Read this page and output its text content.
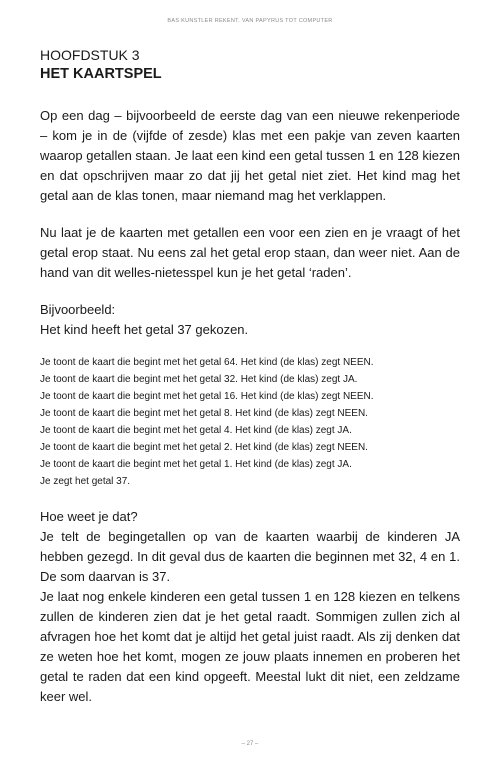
BAS KUNSTLER REKENT. VAN PAPYRUS TOT COMPUTER

HOOFDSTUK 3

HET KAARTSPEL

Op een dag – bijvoorbeeld de eerste dag van een nieuwe rekenperiode – kom je in de (vijfde of zesde) klas met een pakje van zeven kaarten waarop getallen staan. Je laat een kind een getal tussen 1 en 128 kiezen en dat opschrijven maar zo dat jij het getal niet ziet. Het kind mag het getal aan de klas tonen, maar niemand mag het verklappen.

Nu laat je de kaarten met getallen een voor een zien en je vraagt of het getal erop staat. Nu eens zal het getal erop staan, dan weer niet. Aan de hand van dit welles-nietesspel kun je het getal ‘raden’.

Bijvoorbeeld:

Het kind heeft het getal 37 gekozen.

Je toont de kaart die begint met het getal 64. Het kind (de klas) zegt NEEN.
Je toont de kaart die begint met het getal 32. Het kind (de klas) zegt JA.
Je toont de kaart die begint met het getal 16. Het kind (de klas) zegt NEEN.
Je toont de kaart die begint met het getal 8. Het kind (de klas) zegt NEEN.
Je toont de kaart die begint met het getal 4. Het kind (de klas) zegt JA.
Je toont de kaart die begint met het getal 2. Het kind (de klas) zegt NEEN.
Je toont de kaart die begint met het getal 1. Het kind (de klas) zegt JA.
Je zegt het getal 37.

Hoe weet je dat?

Je telt de begingetallen op van de kaarten waarbij de kinderen JA hebben gezegd. In dit geval dus de kaarten die beginnen met 32, 4 en 1. De som daarvan is 37.

Je laat nog enkele kinderen een getal tussen 1 en 128 kiezen en telkens zullen de kinderen zien dat je het getal raadt. Sommigen zullen zich al afvragen hoe het komt dat je altijd het getal juist raadt. Als zij denken dat ze weten hoe het komt, mogen ze jouw plaats innemen en proberen het getal te raden dat een kind opgeeft. Meestal lukt dit niet, een zeldzame keer wel.

– 27 –
